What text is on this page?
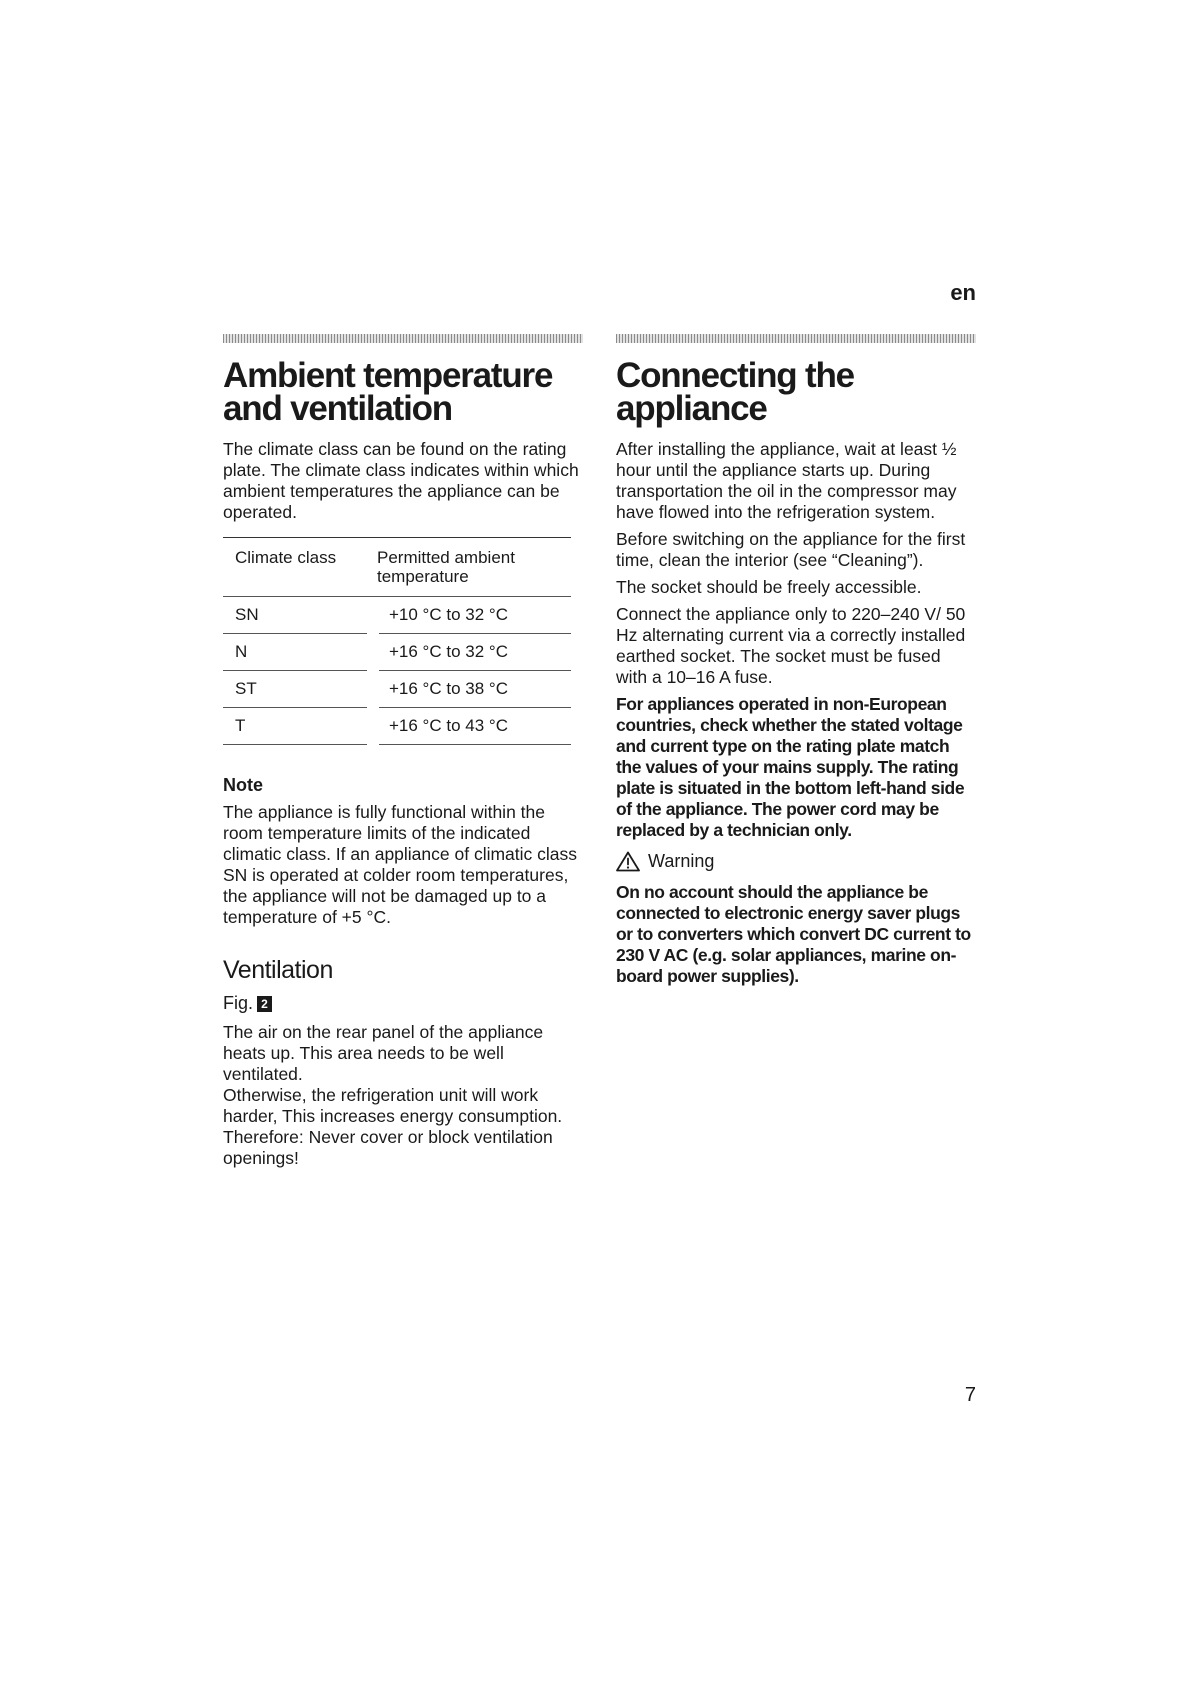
en
Ambient temperature and ventilation

The climate class can be found on the rating plate. The climate class indicates within which ambient temperatures the appliance can be operated.

Climate class	Permitted ambient temperature	
SN		+10 °C to 32 °C
N		+16 °C to 32 °C
ST		+16 °C to 38 °C
T		+16 °C to 43 °C
Note

The appliance is fully functional within the room temperature limits of the indicated climatic class. If an appliance of climatic class SN is operated at colder room temperatures, the appliance will not be damaged up to a temperature of +5 °C.

Ventilation
Fig. 2

The air on the rear panel of the appliance heats up. This area needs to be well ventilated.

Otherwise, the refrigeration unit will work harder, This increases energy consumption. Therefore: Never cover or block ventilation openings!

Connecting the appliance

After installing the appliance, wait at least ½ hour until the appliance starts up. During transportation the oil in the compressor may have flowed into the refrigeration system.

Before switching on the appliance for the first time, clean the interior (see “Cleaning”).

The socket should be freely accessible.

Connect the appliance only to 220–240 V/ 50 Hz alternating current via a correctly installed earthed socket. The socket must be fused with a 10–16 A fuse.

For appliances operated in non-European countries, check whether the stated voltage and current type on the rating plate match the values of your mains supply. The rating plate is situated in the bottom left-hand side of the appliance. The power cord may be replaced by a technician only.

Warning

On no account should the appliance be connected to electronic energy saver plugs or to converters which convert DC current to 230 V AC (e.g. solar appliances, marine on-board power supplies).

7
